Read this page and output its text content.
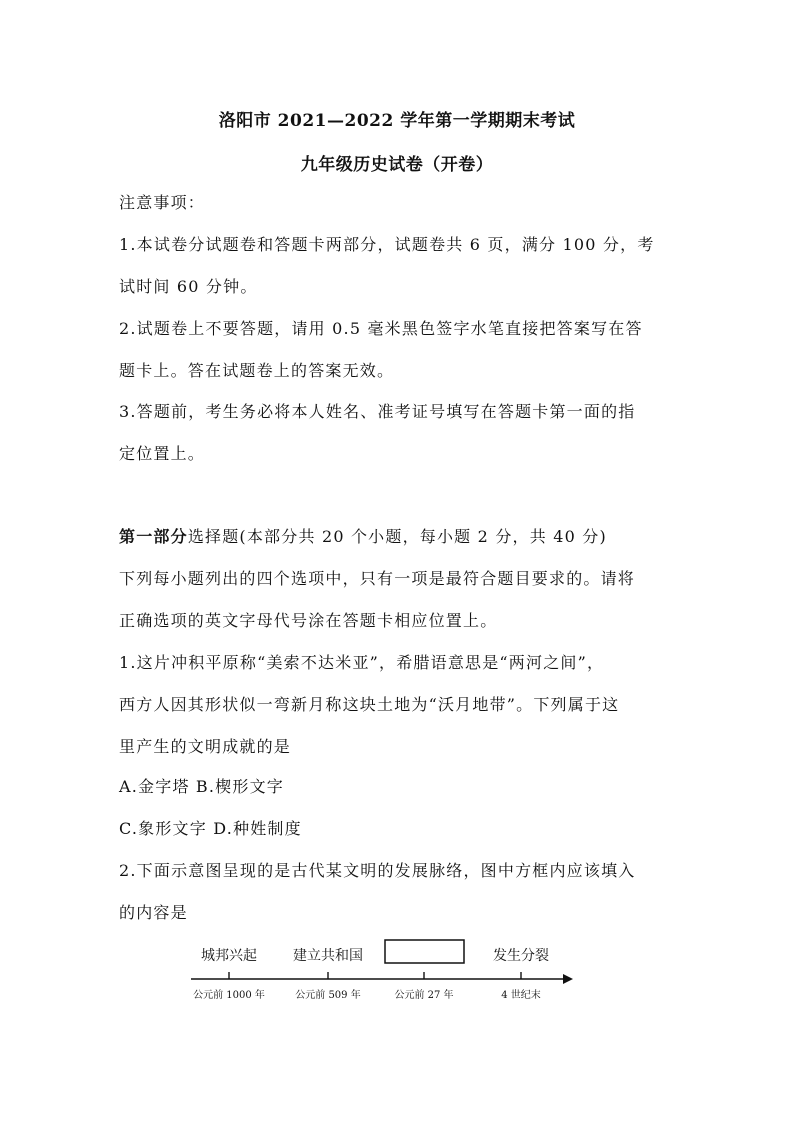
洛阳市 2021—2022 学年第一学期期末考试
九年级历史试卷（开卷）
注意事项：
1.本试卷分试题卷和答题卡两部分，试题卷共 6 页，满分 100 分，考
试时间 60 分钟。
2.试题卷上不要答题，请用 0.5 毫米黑色签字水笔直接把答案写在答
题卡上。答在试题卷上的答案无效。
3.答题前，考生务必将本人姓名、准考证号填写在答题卡第一面的指
定位置上。
第一部分选择题(本部分共 20 个小题，每小题 2 分，共 40 分)
下列每小题列出的四个选项中，只有一项是最符合题目要求的。请将
正确选项的英文字母代号涂在答题卡相应位置上。
1.这片冲积平原称“美索不达米亚”，希腊语意思是“两河之间”，
西方人因其形状似一弯新月称这块土地为“沃月地带”。下列属于这
里产生的文明成就的是
A.金字塔 B.楔形文字
C.象形文字 D.种姓制度
2.下面示意图呈现的是古代某文明的发展脉络，图中方框内应该填入
的内容是
城邦兴起	建立共和国	发生分裂
公元前 1000 年	公元前 509 年	公元前 27 年	4 世纪末
